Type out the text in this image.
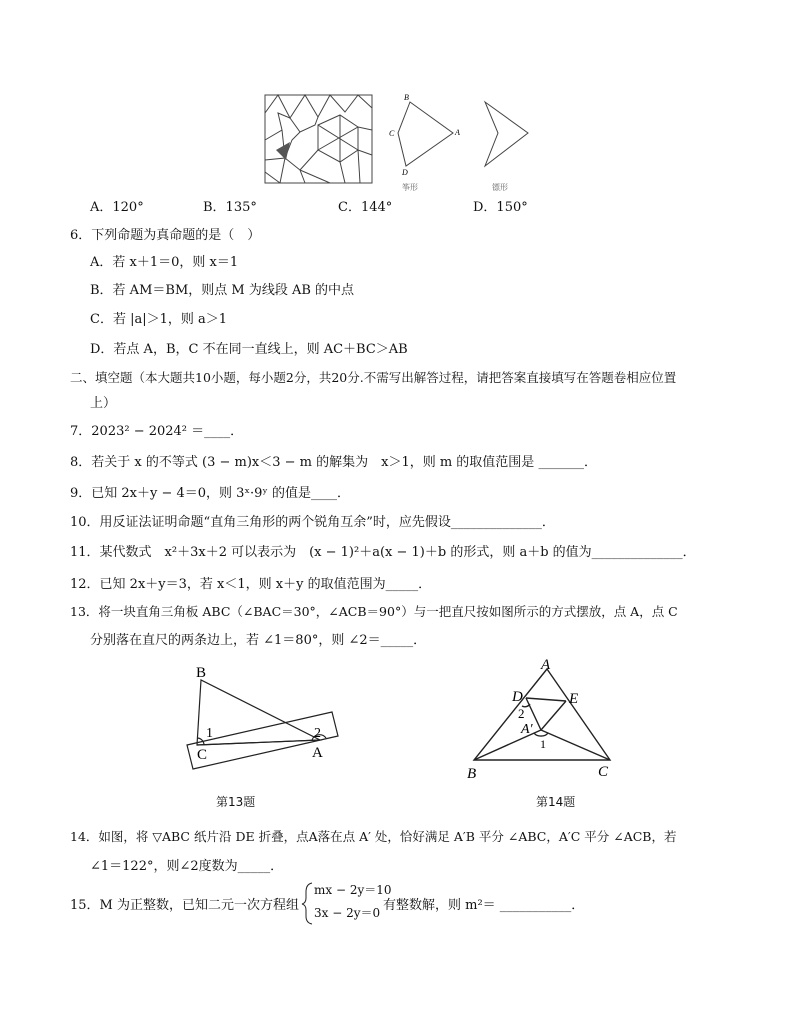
B
C	A
D
筝形	镖形
A．120°	B．135°	C．144°	D．150°
6．下列命题为真命题的是（　）
A．若 x＋1＝0，则 x＝1
B．若 AM＝BM，则点 M 为线段 AB 的中点
C．若 |a|＞1，则 a＞1
D．若点 A，B，C 不在同一直线上，则 AC＋BC＞AB
二、填空题（本大题共10小题，每小题2分，共20分.不需写出解答过程，请把答案直接填写在答题卷相应位置
上）
7．2023² − 2024² ＝____．
8．若关于 x 的不等式 (3 − m)x＜3 − m 的解集为　x＞1，则 m 的取值范围是 _______．
9．已知 2x＋y − 4＝0，则 3ˣ·9ʸ 的值是____．
10．用反证法证明命题“直角三角形的两个锐角互余”时，应先假设______________．
11．某代数式　x²＋3x＋2 可以表示为　(x − 1)²＋a(x − 1)＋b 的形式，则 a＋b 的值为______________．
12．已知 2x＋y＝3，若 x＜1，则 x＋y 的取值范围为_____．
13．将一块直角三角板 ABC（∠BAC＝30°，∠ACB＝90°）与一把直尺按如图所示的方式摆放，点 A，点 C
分别落在直尺的两条边上，若 ∠1＝80°，则 ∠2＝_____．
B
C	A
1	2
第13题
A
D	E
2
A′
1
B	C
第14题
14．如图，将 ▽ABC 纸片沿 DE 折叠，点A落在点 A′ 处，恰好满足 A′B 平分 ∠ABC，A′C 平分 ∠ACB，若
∠1＝122°，则∠2度数为_____．
15．M 为正整数，已知二元一次方程组
mx − 2y＝10
3x − 2y＝0 有整数解，则 m²＝ ___________．
